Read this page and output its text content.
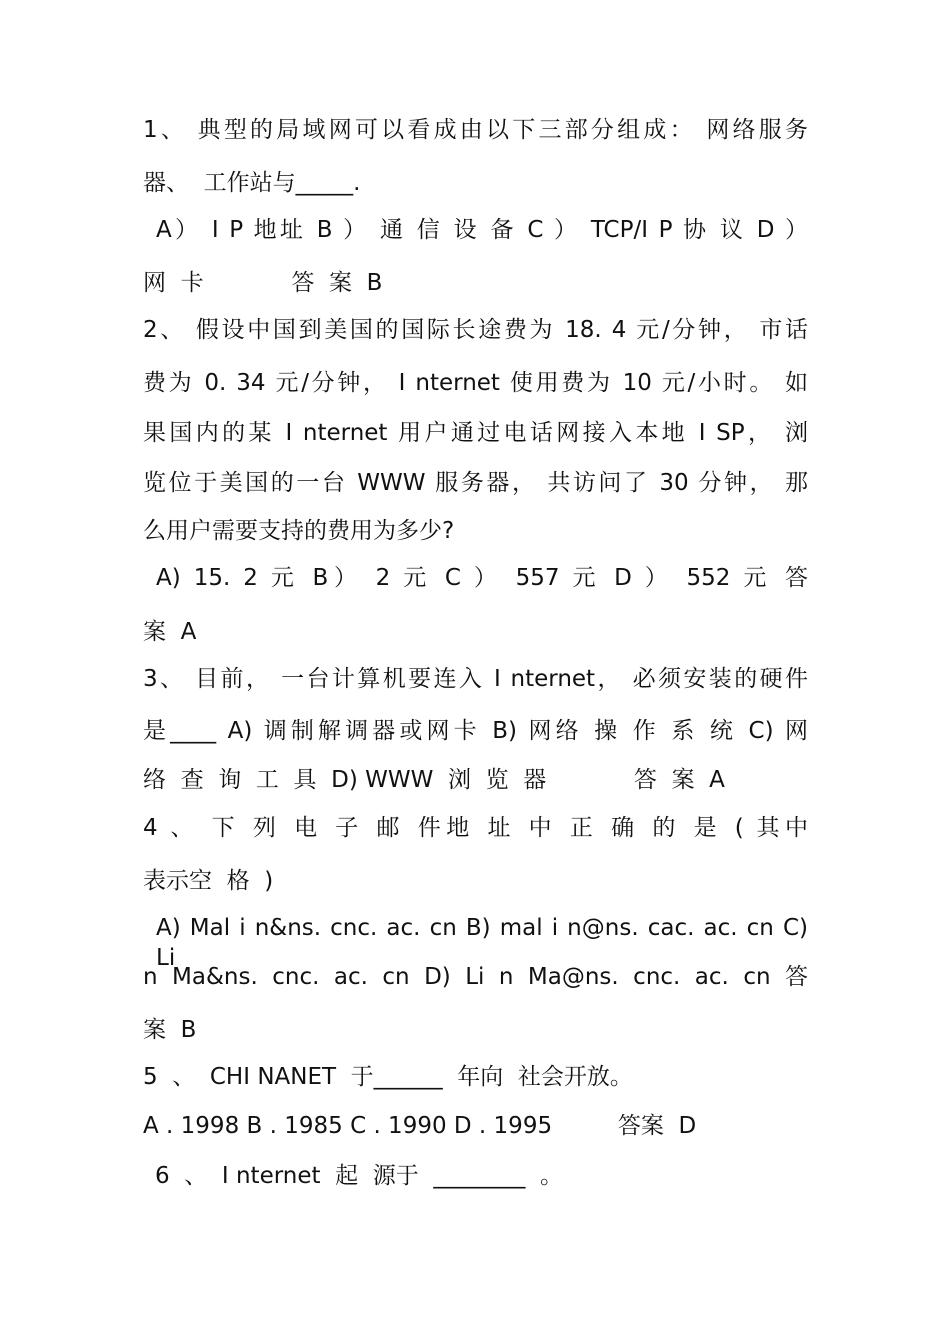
1、 典型的局域网可以看成由以下三部分组成： 网络服务
器、  工作站与_____.
A） I P 地址 B ） 通 信 设 备 C ） TCP/I P 协 议 D ）
网  卡            答  案  B
2、 假设中国到美国的国际长途费为 18. 4 元/分钟， 市话
费为 0. 34 元/分钟， I nternet 使用费为 10 元/小时。 如
果国内的某 I nternet 用户通过电话网接入本地 I SP， 浏
览位于美国的一台 WWW 服务器， 共访问了 30 分钟， 那
么用户需要支持的费用为多少?
A) 15. 2 元 B） 2 元 C ） 557 元 D ） 552 元 答
案  A
3、 目前， 一台计算机要连入 I nternet， 必须安装的硬件
是____ A) 调制解调器或网卡 B) 网络 操 作 系 统 C) 网
络  查  询  工  具  D) WWW  浏  览  器            答  案  A
4 、 下 列 电 子 邮 件地 址 中 正 确 的 是 ( 其中
表示空  格  )
A) Mal i n&ns. cnc. ac. cn B) mal i n@ns. cac. ac. cn C) Li
n Ma&ns. cnc. ac. cn D) Li n Ma@ns. cnc. ac. cn 答
案  B
5  、  CHI NANET  于______  年向  社会开放。
A . 1998 B . 1985 C . 1990 D . 1995         答案  D
6  、  I nternet  起  源于  ________  。
